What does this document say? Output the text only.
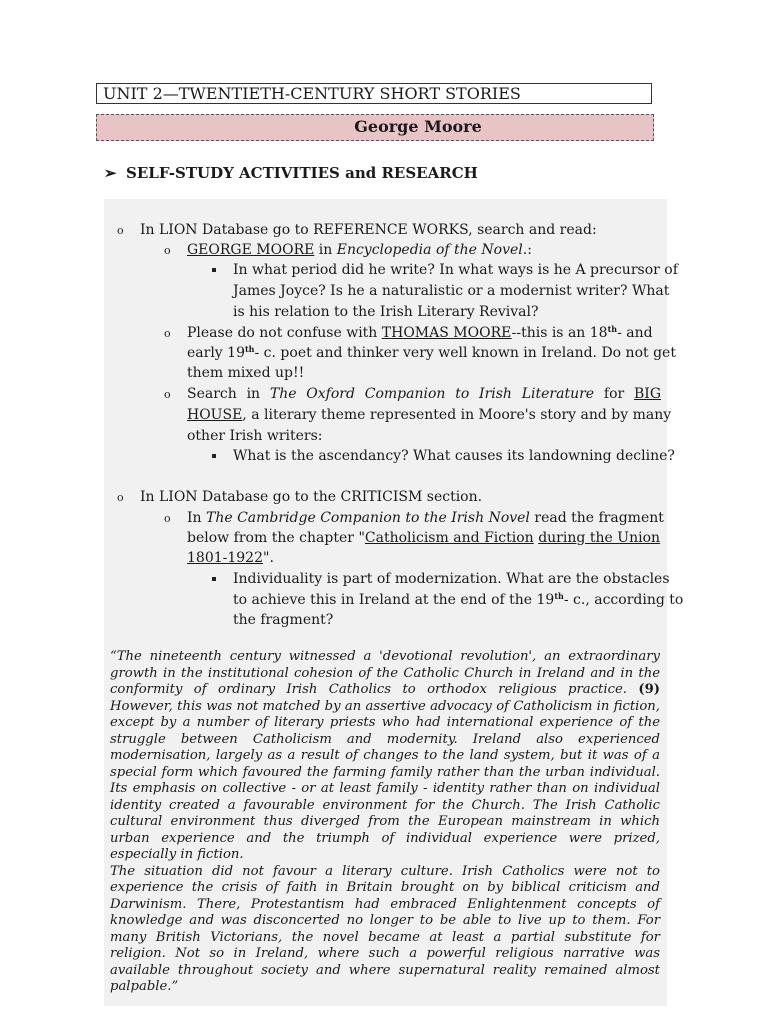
UNIT 2—TWENTIETH-CENTURY SHORT STORIES
George Moore
➢ SELF-STUDY ACTIVITIES and RESEARCH
o In LION Database go to REFERENCE WORKS, search and read:
o GEORGE MOORE in Encyclopedia of the Novel.:
In what period did he write? In what ways is he A precursor of
James Joyce? Is he a naturalistic or a modernist writer? What
is his relation to the Irish Literary Revival?
o Please do not confuse with THOMAS MOORE--this is an 18th- and
early 19th- c. poet and thinker very well known in Ireland. Do not get
them mixed up!!
o Search in The Oxford Companion to Irish Literature for BIG
HOUSE, a literary theme represented in Moore's story and by many
other Irish writers:
What is the ascendancy? What causes its landowning decline?
o In LION Database go to the CRITICISM section.
o In The Cambridge Companion to the Irish Novel read the fragment
below from the chapter "Catholicism and Fiction during the Union
1801-1922".
Individuality is part of modernization. What are the obstacles
to achieve this in Ireland at the end of the 19th- c., according to
the fragment?

“The nineteenth century witnessed a 'devotional revolution', an extraordinary growth in the institutional cohesion of the Catholic Church in Ireland and in the conformity of ordinary Irish Catholics to orthodox religious practice. (9) However, this was not matched by an assertive advocacy of Catholicism in fiction, except by a number of literary priests who had international experience of the struggle between Catholicism and modernity. Ireland also experienced modernisation, largely as a result of changes to the land system, but it was of a special form which favoured the farming family rather than the urban individual. Its emphasis on collective - or at least family - identity rather than on individual identity created a favourable environment for the Church. The Irish Catholic cultural environment thus diverged from the European mainstream in which urban experience and the triumph of individual experience were prized, especially in fiction.

The situation did not favour a literary culture. Irish Catholics were not to experience the crisis of faith in Britain brought on by biblical criticism and Darwinism. There, Protestantism had embraced Enlightenment concepts of knowledge and was disconcerted no longer to be able to live up to them. For many British Victorians, the novel became at least a partial substitute for religion. Not so in Ireland, where such a powerful religious narrative was available throughout society and where supernatural reality remained almost palpable.”
